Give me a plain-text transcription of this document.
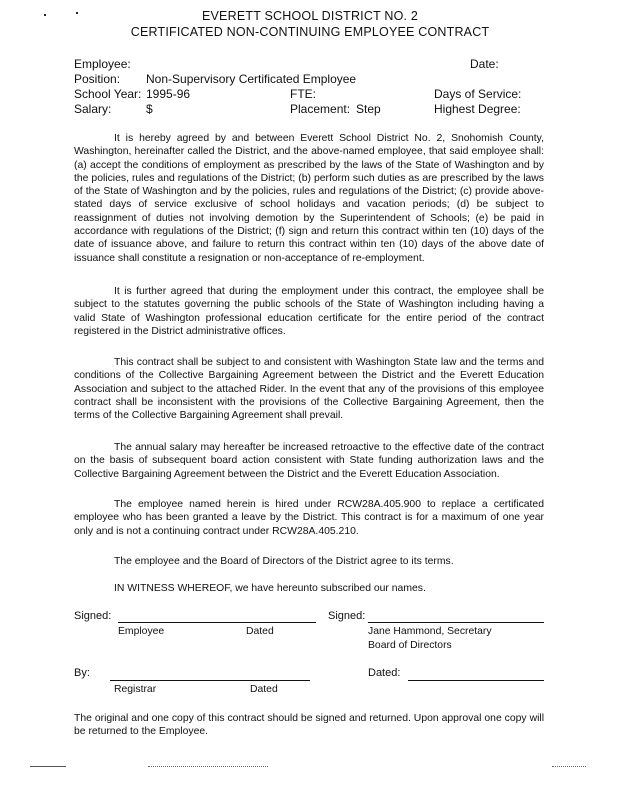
EVERETT SCHOOL DISTRICT NO. 2
CERTIFICATED NON-CONTINUING EMPLOYEE CONTRACT
Employee:	Date:
Position: Non-Supervisory Certificated Employee
School Year: 1995-96	FTE:	Days of Service:
Salary:	$	Placement: Step	Highest Degree:
It is hereby agreed by and between Everett School District No. 2, Snohomish County, Washington, hereinafter called the District, and the above-named employee, that said employee shall: (a) accept the conditions of employment as prescribed by the laws of the State of Washington and by the policies, rules and regulations of the District; (b) perform such duties as are prescribed by the laws of the State of Washington and by the policies, rules and regulations of the District; (c) provide above-stated days of service exclusive of school holidays and vacation periods; (d) be subject to reassignment of duties not involving demotion by the Superintendent of Schools; (e) be paid in accordance with regulations of the District; (f) sign and return this contract within ten (10) days of the date of issuance above, and failure to return this contract within ten (10) days of the above date of issuance shall constitute a resignation or non-acceptance of re-employment.
It is further agreed that during the employment under this contract, the employee shall be subject to the statutes governing the public schools of the State of Washington including having a valid State of Washington professional education certificate for the entire period of the contract registered in the District administrative offices.
This contract shall be subject to and consistent with Washington State law and the terms and conditions of the Collective Bargaining Agreement between the District and the Everett Education Association and subject to the attached Rider. In the event that any of the provisions of this employee contract shall be inconsistent with the provisions of the Collective Bargaining Agreement, then the terms of the Collective Bargaining Agreement shall prevail.
The annual salary may hereafter be increased retroactive to the effective date of the contract on the basis of subsequent board action consistent with State funding authorization laws and the Collective Bargaining Agreement between the District and the Everett Education Association.
The employee named herein is hired under RCW28A.405.900 to replace a certificated employee who has been granted a leave by the District. This contract is for a maximum of one year only and is not a continuing contract under RCW28A.405.210.
The employee and the Board of Directors of the District agree to its terms.
IN WITNESS WHEREOF, we have hereunto subscribed our names.
Signed:
Employee	Dated
Signed:
Jane Hammond, Secretary
Board of Directors
By:
Registrar	Dated
Dated:
The original and one copy of this contract should be signed and returned. Upon approval one copy will be returned to the Employee.
